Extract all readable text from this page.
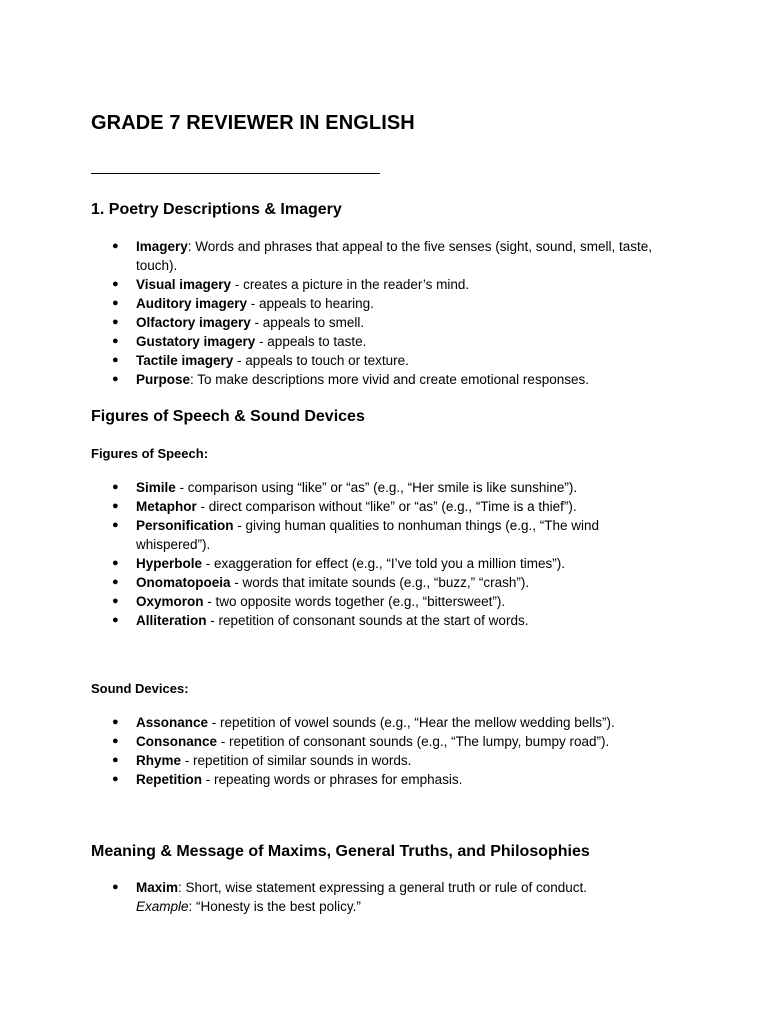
GRADE 7 REVIEWER IN ENGLISH
1. Poetry Descriptions & Imagery
● Imagery: Words and phrases that appeal to the five senses (sight, sound, smell, taste, touch).
● Visual imagery - creates a picture in the reader’s mind.
● Auditory imagery - appeals to hearing.
● Olfactory imagery - appeals to smell.
● Gustatory imagery - appeals to taste.
● Tactile imagery - appeals to touch or texture.
● Purpose: To make descriptions more vivid and create emotional responses.
Figures of Speech & Sound Devices
Figures of Speech:
● Simile - comparison using “like” or “as” (e.g., “Her smile is like sunshine”).
● Metaphor - direct comparison without “like” or “as” (e.g., “Time is a thief”).
● Personification - giving human qualities to nonhuman things (e.g., “The wind whispered”).
● Hyperbole - exaggeration for effect (e.g., “I’ve told you a million times”).
● Onomatopoeia - words that imitate sounds (e.g., “buzz,” “crash”).
● Oxymoron - two opposite words together (e.g., “bittersweet”).
● Alliteration - repetition of consonant sounds at the start of words.
Sound Devices:
● Assonance - repetition of vowel sounds (e.g., “Hear the mellow wedding bells”).
● Consonance - repetition of consonant sounds (e.g., “The lumpy, bumpy road”).
● Rhyme - repetition of similar sounds in words.
● Repetition - repeating words or phrases for emphasis.
Meaning & Message of Maxims, General Truths, and Philosophies
● Maxim: Short, wise statement expressing a general truth or rule of conduct.
Example: “Honesty is the best policy.”
